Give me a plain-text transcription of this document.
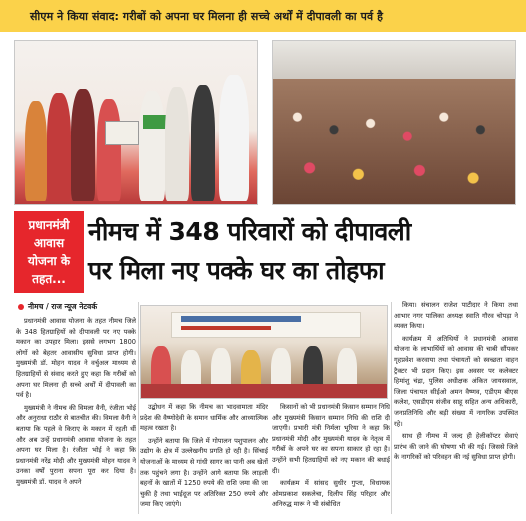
सीएम ने किया संवाद: गरीबों को अपना घर मिलना ही सच्चे अर्थों में दीपावली का पर्व है
प्रधानमंत्री आवास योजना के तहत...
नीमच में 348 परिवारों को दीपावली
पर मिला नए पक्के घर का तोहफा
नीमच / राज न्यूज नेटवर्क

प्रधानमंत्री आवास योजना के तहत नीमच जिले के 348 हितग्राहियों को दीपावली पर नए पक्के मकान का उपहार मिला। इससे लगभग 1800 लोगों को बेहतर आवासीय सुविधा प्राप्त होगी। मुख्यमंत्री डॉ. मोहन यादव ने वर्चुअल माध्यम से हितग्राहियों से संवाद करते हुए कहा कि गरीबों को अपना घर मिलना ही सच्चे अर्थों में दीपावली का पर्व है।

मुख्यमंत्री ने नीमच की विमला वैनी, रंजीता भोई और अनुराधा राठौर से बातचीत की। विमला वैनी ने बताया कि पहले वे किराए के मकान में रहती थीं और अब उन्हें प्रधानमंत्री आवास योजना के तहत अपना घर मिला है। रंजीता भोई ने कहा कि प्रधानमंत्री नरेंद्र मोदी और मुख्यमंत्री मोहन यादव ने उनका वर्षों पुराना सपना पूरा कर दिया है। मुख्यमंत्री डॉ. यादव ने अपने

उद्बोधन में कहा कि नीमच का भादवामाता मंदिर प्रदेश की वैष्णोदेवी के समान धार्मिक और आध्यात्मिक महत्व रखता है।

उन्होंने बताया कि जिले में गोपालन पशुपालन और उद्योग के क्षेत्र में उल्लेखनीय प्रगति हो रही है। सिंचाई योजनाओं के माध्यम से गांधी सागर का पानी अब खेतों तक पहुंचने लगा है। उन्होंने आगे बताया कि लाड़ली बहनों के खातों में 1250 रुपये की राशि जमा की जा चुकी है तथा भाईदूज पर अतिरिक्त 250 रुपये और जमा किए जाएंगे।

किसानों को भी प्रधानमंत्री किसान सम्मान निधि और मुख्यमंत्री किसान सम्मान निधि की राशि दी जाएगी। प्रभारी मंत्री निर्मला भूरिया ने कहा कि प्रधानमंत्री मोदी और मुख्यमंत्री यादव के नेतृत्व में गरीबों के अपने घर का सपना साकार हो रहा है। उन्होंने सभी हितग्राहियों को नए मकान की बधाई दी।

कार्यक्रम में सांसद सुधीर गुप्ता, विधायक ओमप्रकाश सकलेचा, दिलीप सिंह परिहार और अनिरुद्ध मारू ने भी संबोधित

किया। संचालन राजेश पाटीदार ने किया तथा आभार नगर पालिका अध्यक्ष स्वाति गौरव चोपड़ा ने व्यक्त किया।

कार्यक्रम में अतिथियों ने प्रधानमंत्री आवास योजना के लाभार्थियों को आवास की चाबी सौंपकर गृहप्रवेश करवाया तथा पंचायतों को स्वच्छता वाहन ट्रैक्टर भी प्रदान किए। इस अवसर पर कलेक्टर हिमांशु चंद्रा, पुलिस अधीक्षक अंकित जायसवाल, जिला पंचायत सीईओ अमन वैष्णव, एडीएम बीएस कलेश, एसडीएम संजीव साहू सहित अन्य अधिकारी, जनप्रतिनिधि और बड़ी संख्या में नागरिक उपस्थित रहे।

साथ ही नीमच में जल्द ही हेलीकॉप्टर सेवाएं प्रारंभ की जाने की घोषणा भी की गई। जिससे जिले के नागरिकों को परिवहन की नई सुविधा प्राप्त होगी।
